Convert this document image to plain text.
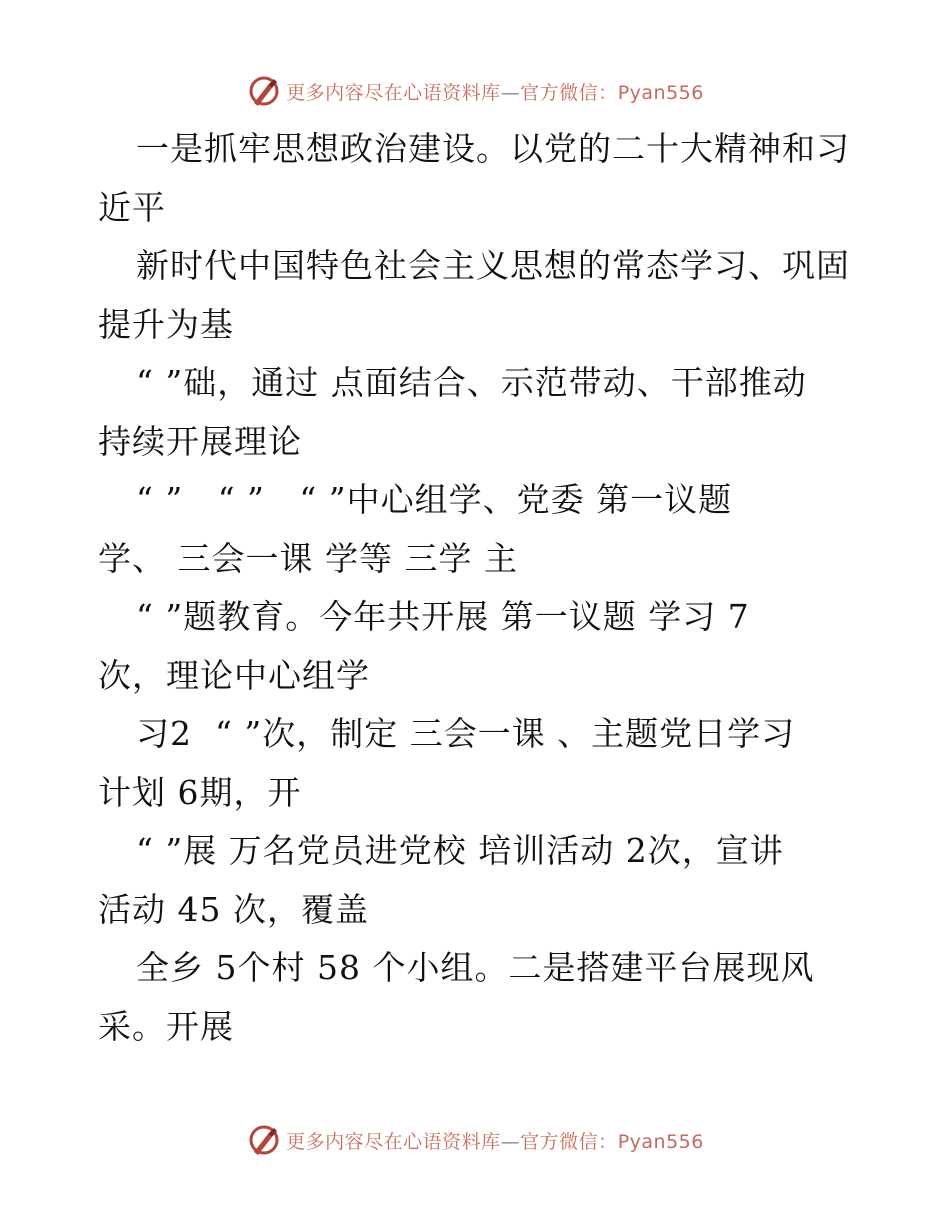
更多内容尽在心语资料库—官方微信：Pyan556
一是抓牢思想政治建设。以党的二十大精神和习
近平
新时代中国特色社会主义思想的常态学习、巩固
提升为基
“ ”础，通过 点面结合、示范带动、干部推动
持续开展理论
“ ”   “ ”   “ ”中心组学、党委 第一议题
学、 三会一课 学等 三学 主
“ ”题教育。今年共开展 第一议题 学习 7
次，理论中心组学
习2  “ ”次，制定 三会一课 、主题党日学习
计划 6期，开
“ ”展 万名党员进党校 培训活动 2次，宣讲
活动 45 次，覆盖
全乡 5个村 58 个小组。二是搭建平台展现风
采。开展
更多内容尽在心语资料库—官方微信：Pyan556
